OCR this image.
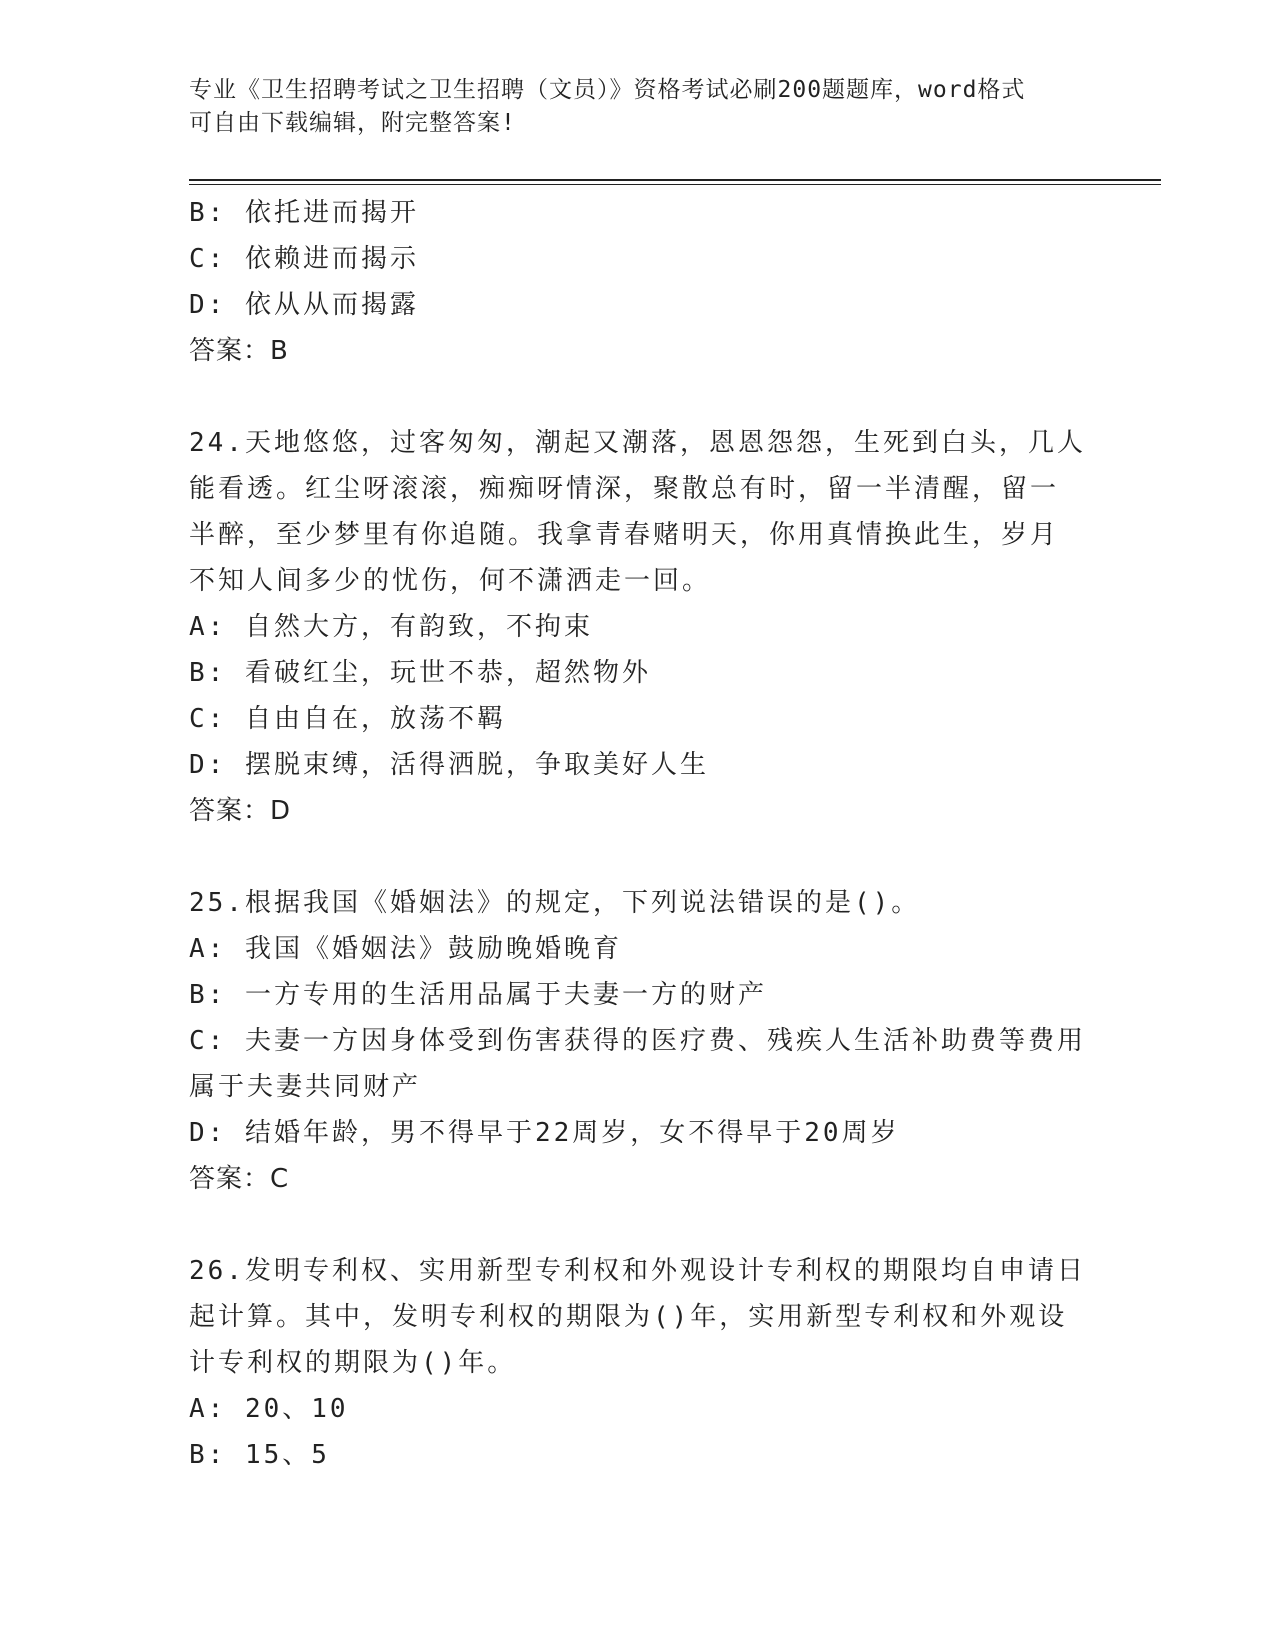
专业《卫生招聘考试之卫生招聘（文员）》资格考试必刷200题题库，word格式
可自由下载编辑，附完整答案!
B: 依托进而揭开
C: 依赖进而揭示
D: 依从从而揭露
答案：B
24.天地悠悠，过客匆匆，潮起又潮落，恩恩怨怨，生死到白头，几人
能看透。红尘呀滚滚，痴痴呀情深，聚散总有时，留一半清醒，留一
半醉，至少梦里有你追随。我拿青春赌明天，你用真情换此生，岁月
不知人间多少的忧伤，何不潇洒走一回。
A: 自然大方，有韵致，不拘束
B: 看破红尘，玩世不恭，超然物外
C: 自由自在，放荡不羁
D: 摆脱束缚，活得洒脱，争取美好人生
答案：D
25.根据我国《婚姻法》的规定，下列说法错误的是()。
A: 我国《婚姻法》鼓励晚婚晚育
B: 一方专用的生活用品属于夫妻一方的财产
C: 夫妻一方因身体受到伤害获得的医疗费、残疾人生活补助费等费用
属于夫妻共同财产
D: 结婚年龄，男不得早于22周岁，女不得早于20周岁
答案：C
26.发明专利权、实用新型专利权和外观设计专利权的期限均自申请日
起计算。其中，发明专利权的期限为()年，实用新型专利权和外观设
计专利权的期限为()年。
A: 20、10
B: 15、5
